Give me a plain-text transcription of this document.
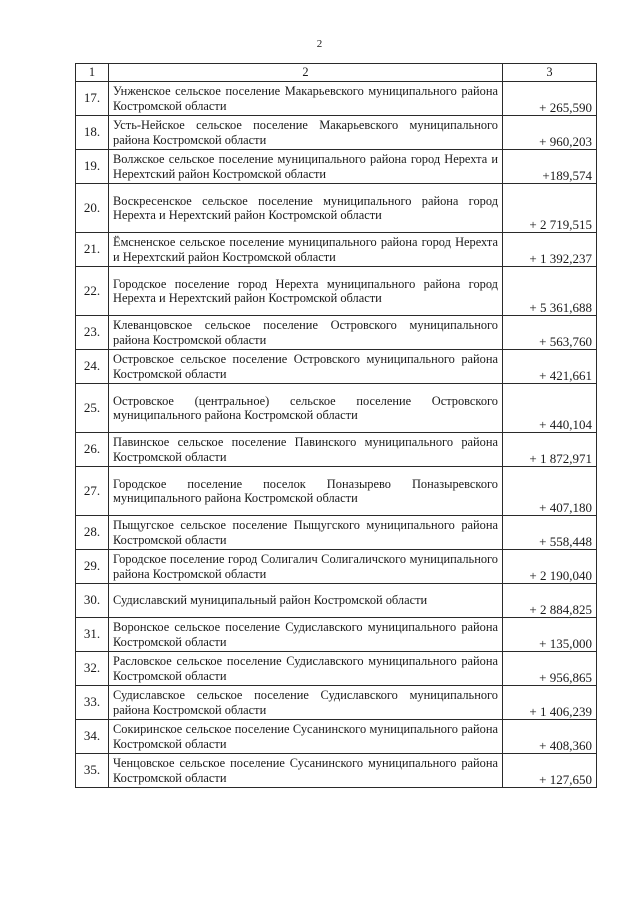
2
1	2	3
17.	Унженское сельское поселение Макарьевского муниципального района Костромской области	+ 265,590
18.	Усть-Нейское сельское поселение Макарьевского муниципального района Костромской области	+ 960,203
19.	Волжское сельское поселение муниципального района город Нерехта и Нерехтский район Костромской области	+189,574
20.	Воскресенское сельское поселение муниципального района город Нерехта и Нерехтский район Костромской области	+ 2 719,515
21.	Ёмсненское сельское поселение муниципального района город Нерехта и Нерехтский район Костромской области	+ 1 392,237
22.	Городское поселение город Нерехта муниципального района город Нерехта и Нерехтский район Костромской области	+ 5 361,688
23.	Клеванцовское сельское поселение Островского муниципального района Костромской области	+ 563,760
24.	Островское сельское поселение Островского муниципального района Костромской области	+ 421,661
25.	Островское (центральное) сельское поселение Островского муниципального района Костромской области	+ 440,104
26.	Павинское сельское поселение Павинского муниципального района Костромской области	+ 1 872,971
27.	Городское поселение поселок Поназырево Поназыревского муниципального района Костромской области	+ 407,180
28.	Пыщугское сельское поселение Пыщугского муниципального района Костромской области	+ 558,448
29.	Городское поселение город Солигалич Солигаличского муниципального района Костромской области	+ 2 190,040
30.	Судиславский муниципальный район Костромской области	+ 2 884,825
31.	Воронское сельское поселение Судиславского муниципального района Костромской области	+ 135,000
32.	Расловское сельское поселение Судиславского муниципального района Костромской области	+ 956,865
33.	Судиславское сельское поселение Судиславского муниципального района Костромской области	+ 1 406,239
34.	Сокиринское сельское поселение Сусанинского муниципального района Костромской области	+ 408,360
35.	Ченцовское сельское поселение Сусанинского муниципального района Костромской области	+ 127,650
